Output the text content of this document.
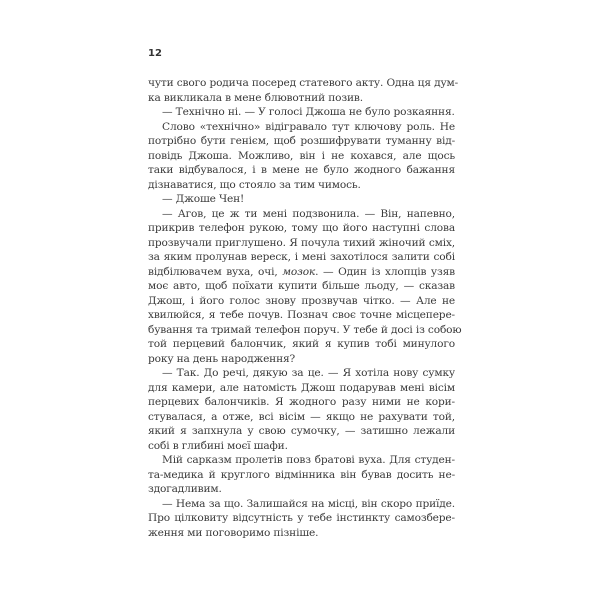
12
чути свого родича посеред статевого акту. Одна ця дум-
ка викликала в мене блювотний позив.
— Технічно ні. — У голосі Джоша не було розкаяння.
Слово «технічно» відігравало тут ключову роль. Не
потрібно бути генієм, щоб розшифрувати туманну від-
повідь Джоша. Можливо, він і не кохався, але щось
таки відбувалося, і в мене не було жодного бажання
дізнаватися, що стояло за тим чимось.
— Джоше Чен!
— Агов, це ж ти мені подзвонила. — Він, напевно,
прикрив телефон рукою, тому що його наступні слова
прозвучали приглушено. Я почула тихий жіночий сміх,
за яким пролунав вереск, і мені захотілося залити собі
відбілювачем вуха, очі, мозок. — Один із хлопців узяв
моє авто, щоб поїхати купити більше льоду, — сказав
Джош, і його голос знову прозвучав чітко. — Але не
хвилюйся, я тебе почув. Познач своє точне місцепере-
бування та тримай телефон поруч. У тебе й досі із собою
той перцевий балончик, який я купив тобі минулого
року на день народження?
— Так. До речі, дякую за це. — Я хотіла нову сумку
для камери, але натомість Джош подарував мені вісім
перцевих балончиків. Я жодного разу ними не кори-
стувалася, а отже, всі вісім — якщо не рахувати той,
який я запхнула у свою сумочку, — затишно лежали
собі в глибині моєї шафи.
Мій сарказм пролетів повз братові вуха. Для студен-
та-медика й круглого відмінника він бував досить не-
здогадливим.
— Нема за що. Залишайся на місці, він скоро приїде.
Про цілковиту відсутність у тебе інстинкту самозбере-
ження ми поговоримо пізніше.
